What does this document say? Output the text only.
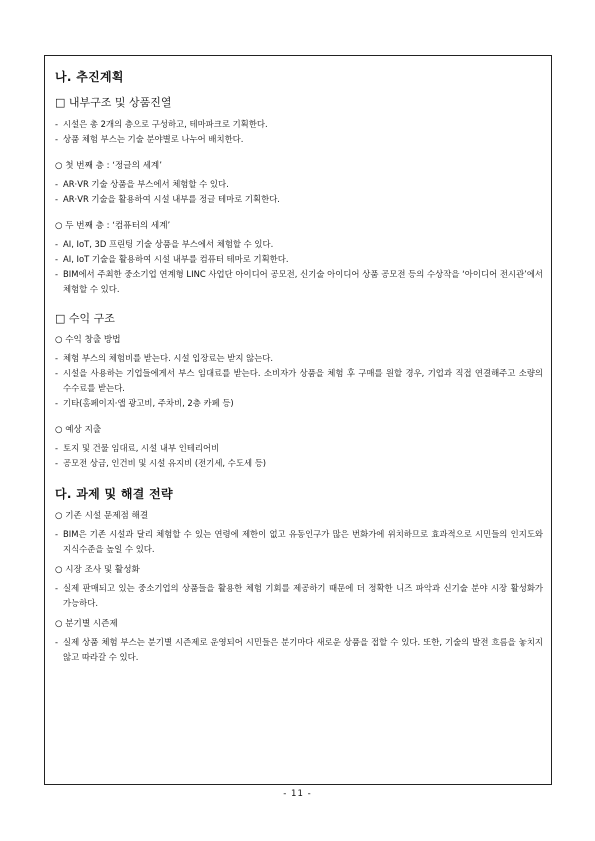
나. 추진계획

□ 내부구조 및 상품진열

- 시설은 총 2개의 층으로 구성하고, 테마파크로 기획한다.
- 상품 체험 부스는 기술 분야별로 나누어 배치한다.

○ 첫 번째 층 : ‘정글의 세계’

- AR·VR 기술 상품을 부스에서 체험할 수 있다.
- AR·VR 기술을 활용하여 시설 내부를 정글 테마로 기획한다.

○ 두 번째 층 : ‘컴퓨터의 세계’

- AI, IoT, 3D 프린팅 기술 상품을 부스에서 체험할 수 있다.
- AI, IoT 기술을 활용하여 시설 내부를 컴퓨터 테마로 기획한다.
- BIM에서 주최한 중소기업 연계형 LINC 사업단 아이디어 공모전, 신기술 아이디어 상품 공모전 등의 수상작을 ‘아이디어 전시관’에서 체험할 수 있다.

□ 수익 구조

○ 수익 창출 방법

- 체험 부스의 체험비를 받는다. 시설 입장료는 받지 않는다.
- 시설을 사용하는 기업들에게서 부스 임대료를 받는다. 소비자가 상품을 체험 후 구매를 원할 경우, 기업과 직접 연결해주고 소량의 수수료를 받는다.
- 기타(홈페이지·앱 광고비, 주차비, 2층 카페 등)

○ 예상 지출

- 토지 및 건물 임대료, 시설 내부 인테리어비
- 공모전 상금, 인건비 및 시설 유지비 (전기세, 수도세 등)

다. 과제 및 해결 전략

○ 기존 시설 문제점 해결

- BIM은 기존 시설과 달리 체험할 수 있는 연령에 제한이 없고 유동인구가 많은 번화가에 위치하므로 효과적으로 시민들의 인지도와 지식수준을 높일 수 있다.

○ 시장 조사 및 활성화

- 실제 판매되고 있는 중소기업의 상품들을 활용한 체험 기회를 제공하기 때문에 더 정확한 니즈 파악과 신기술 분야 시장 활성화가 가능하다.

○ 분기별 시즌제

- 실제 상품 체험 부스는 분기별 시즌제로 운영되어 시민들은 분기마다 새로운 상품을 접할 수 있다. 또한, 기술의 발전 흐름을 놓치지 않고 따라갈 수 있다.
- 11 -
